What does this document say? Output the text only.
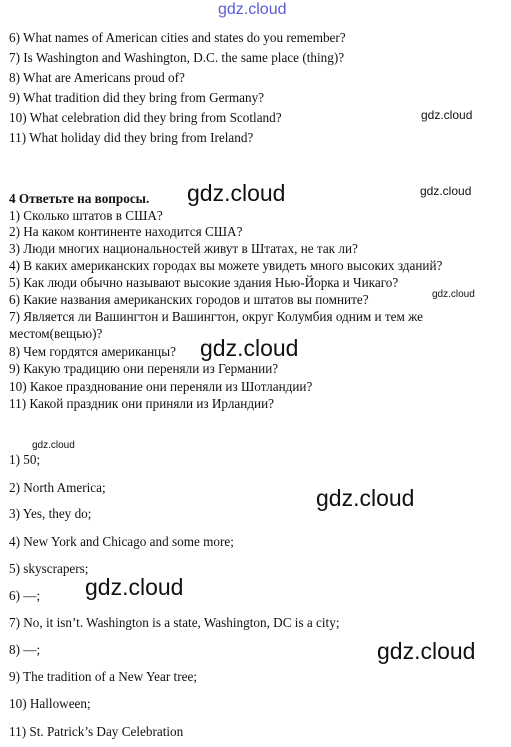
gdz.cloud
gdz.cloud
gdz.cloud
gdz.cloud
gdz.cloud
gdz.cloud
gdz.cloud
gdz.cloud
gdz.cloud
gdz.cloud
6) What names of American cities and states do you remember?
7) Is Washington and Washington, D.C. the same place (thing)?
8) What are Americans proud of?
9) What tradition did they bring from Germany?
10) What celebration did they bring from Scotland?
11) What holiday did they bring from Ireland?
4 Ответьте на вопросы.
1) Сколько штатов в США?
2) На каком континенте находится США?
3) Люди многих национальностей живут в Штатах, не так ли?
4) В каких американских городах вы можете увидеть много высоких зданий?
5) Как люди обычно называют высокие здания Нью-Йорка и Чикаго?
6) Какие названия американских городов и штатов вы помните?
7) Является ли Вашингтон и Вашингтон, округ Колумбия одним и тем же
местом(вещью)?
8) Чем гордятся американцы?
9) Какую традицию они переняли из Германии?
10) Какое празднование они переняли из Шотландии?
11) Какой праздник они приняли из Ирландии?
1) 50;
2) North America;
3) Yes, they do;
4) New York and Chicago and some more;
5) skyscrapers;
6) —;
7) No, it isn’t. Washington is a state, Washington, DC is a city;
8) —;
9) The tradition of a New Year tree;
10) Halloween;
11) St. Patrick’s Day Celebration
